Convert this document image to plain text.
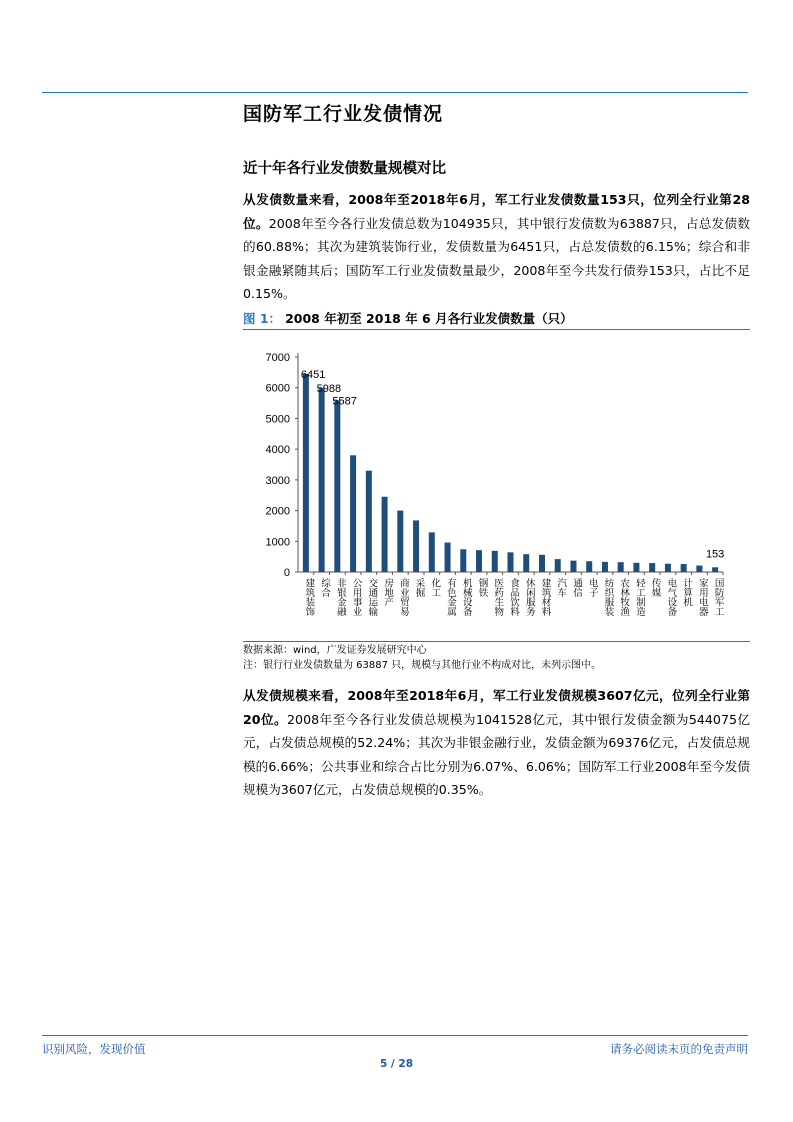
国防军工行业发债情况
近十年各行业发债数量规模对比
从发债数量来看，2008年至2018年6月，军工行业发债数量153只，位列全行业第28位。2008年至今各行业发债总数为104935只，其中银行发债数为63887只，占总发债数的60.88%；其次为建筑装饰行业，发债数量为6451只，占总发债数的6.15%；综合和非银金融紧随其后；国防军工行业发债数量最少，2008年至今共发行债券153只，占比不足0.15%。
图 1： 2008 年初至 2018 年 6 月各行业发债数量（只）
0
1000
2000
3000
4000
5000
6000
7000
建筑装饰 综合 非银金融 公用事业 交通运输 房地产 商业贸易 采掘 化工 有色金属 机械设备 钢铁 医药生物 食品饮料 休闲服务 建筑材料 汽车 通信 电子 纺织服装 农林牧渔 轻工制造 传媒 电气设备 计算机 家用电器 国防军工
6451
5988
5587
153
数据来源：wind，广发证券发展研究中心
注：银行行业发债数量为 63887 只，规模与其他行业不构成对比，未列示图中。
从发债规模来看，2008年至2018年6月，军工行业发债规模3607亿元，位列全行业第20位。2008年至今各行业发债总规模为1041528亿元，其中银行发债金额为544075亿元，占发债总规模的52.24%；其次为非银金融行业，发债金额为69376亿元，占发债总规模的6.66%；公共事业和综合占比分别为6.07%、6.06%；国防军工行业2008年至今发债规模为3607亿元，占发债总规模的0.35%。
识别风险，发现价值	请务必阅读末页的免责声明
5 / 28
